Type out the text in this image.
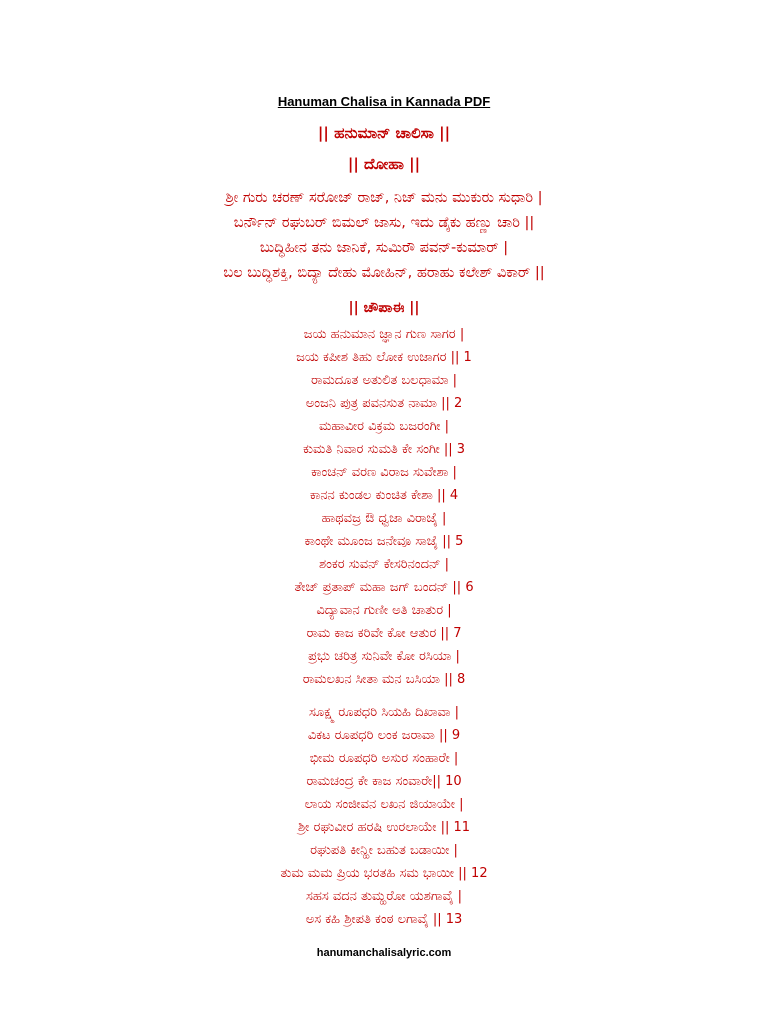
Hanuman Chalisa in Kannada PDF
|| ಹನುಮಾನ್ ಚಾಲಿಸಾ ||
|| ದೋಹಾ ||
ಶ್ರೀ ಗುರು ಚರಣ್ ಸರೋಜ್ ರಾಜ್, ನಿಜ್ ಮನು ಮುಕುರು ಸುಧಾರಿ |
ಬರ್ನೌನ್ ರಘುಬರ್ ಬಿಮಲ್ ಜಾಸು, ಇದು ಡೈಕು ಹಣ್ಣು ಚಾರಿ ||
ಬುದ್ಧಿಹೀನ ತನು ಜಾನಿಕೆ, ಸುಮಿರೌ ಪವನ್-ಕುಮಾರ್ |
ಬಲ ಬುದ್ಧಿಶಕ್ತಿ, ಬಿದ್ಯಾ ದೇಹು ಮೋಹಿನ್, ಹರಾಹು ಕಲೇಶ್ ವಿಕಾರ್ ||
|| ಚೌಪಾಈ ||
ಜಯ ಹನುಮಾನ ಜ್ಞಾನ ಗುಣ ಸಾಗರ |
ಜಯ ಕಪೀಶ ತಿಹು ಲೋಕ ಉಜಾಗರ || 1
ರಾಮದೂತ ಅತುಲಿತ ಬಲಧಾಮಾ |
ಅಂಜನಿ ಪುತ್ರ ಪವನಸುತ ನಾಮಾ || 2
ಮಹಾವೀರ ವಿಕ್ರಮ ಬಜರಂಗೀ |
ಕುಮತಿ ನಿವಾರ ಸುಮತಿ ಕೇ ಸಂಗೀ || 3
ಕಾಂಚನ್ ವರಣ ವಿರಾಜ ಸುವೇಶಾ |
ಕಾನನ ಕುಂಡಲ ಕುಂಚಿತ ಕೇಶಾ || 4
ಹಾಥವಜ್ರ ಔ ಧ್ವಜಾ ವಿರಾಜೈ |
ಕಾಂಥೇ ಮೂಂಜ ಜನೇವೂ ಸಾಜೈ || 5
ಶಂಕರ ಸುವನ್ ಕೇಸರಿನಂದನ್ |
ತೇಜ್ ಪ್ರತಾಪ್ ಮಹಾ ಜಗ್ ಬಂದನ್ || 6
ವಿದ್ಯಾವಾನ ಗುಣೀ ಅತಿ ಚಾತುರ |
ರಾಮ ಕಾಜ ಕರಿವೇ ಕೋ ಆತುರ || 7
ಪ್ರಭು ಚರಿತ್ರ ಸುನಿವೇ ಕೋ ರಸಿಯಾ |
ರಾಮಲಖನ ಸೀತಾ ಮನ ಬಸಿಯಾ || 8
ಸೂಕ್ಷ್ಮ ರೂಪಧರಿ ಸಿಯಹಿ ದಿಖಾವಾ |
ವಿಕಟ ರೂಪಧರಿ ಲಂಕ ಜರಾವಾ || 9
ಭೀಮ ರೂಪಧರಿ ಅಸುರ ಸಂಹಾರೇ |
ರಾಮಚಂದ್ರ ಕೇ ಕಾಜ ಸಂವಾರೇ|| 10
ಲಾಯ ಸಂಜೀವನ ಲಖನ ಜಿಯಾಯೇ |
ಶ್ರೀ ರಘುವೀರ ಹರಷಿ ಉರಲಾಯೇ || 11
ರಘುಪತಿ ಕೀನ್ಹೀ ಬಹುತ ಬಡಾಯೀ |
ತುಮ ಮಮ ಪ್ರಿಯ ಭರತಹಿ ಸಮ ಭಾಯೀ || 12
ಸಹಸ ವದನ ತುಮ್ಹರೋ ಯಶಗಾವೈ |
ಅಸ ಕಹಿ ಶ್ರೀಪತಿ ಕಂಠ ಲಗಾವೈ || 13
hanumanchalisalyric.com
